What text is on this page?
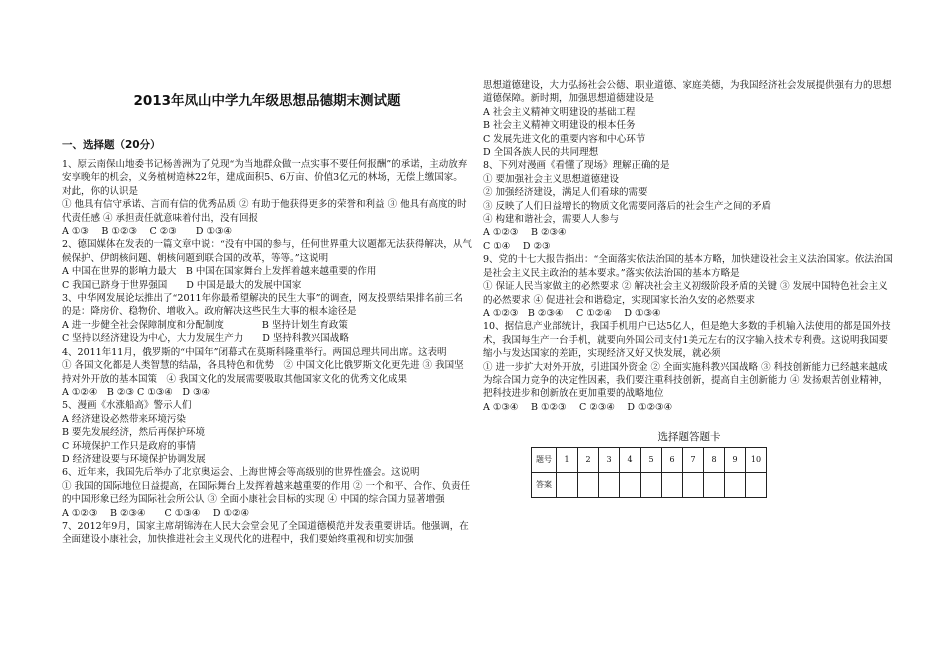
2013年凤山中学九年级思想品德期末测试题
一、选择题（20分）
1、原云南保山地委书记杨善洲为了兑现“为当地群众做一点实事不要任何报酬”的承诺，主动放弃安享晚年的机会，义务植树造林22年，建成面积5、6万亩、价值3亿元的林场，无偿上缴国家。对此，你的认识是
① 他具有信守承诺、言而有信的优秀品质 ② 有助于他获得更多的荣誉和利益 ③ 他具有高度的时代责任感 ④ 承担责任就意味着付出，没有回报
A ①③　 B ①②③　 C ②③　　D ①③④
2、德国媒体在发表的一篇文章中说：“没有中国的参与，任何世界重大议题都无法获得解决，从气候保护、伊朗核问题、朝核问题到联合国的改革，等等。”这说明
A 中国在世界的影响力最大　B 中国在国家舞台上发挥着越来越重要的作用
C 我国已跻身于世界强国　　D 中国是最大的发展中国家
3、中华网发展论坛推出了“2011年你最希望解决的民生大事”的调查，网友投票结果排名前三名的是：降房价、稳物价、增收入。政府解决这些民生大事的根本途径是
A 进一步健全社会保障制度和分配制度　　　　B 坚持计划生育政策
C 坚持以经济建设为中心，大力发展生产力　　D 坚持科教兴国战略
4、2011年11月，俄罗斯的“中国年”闭幕式在莫斯科隆重举行。两国总理共同出席。这表明
① 各国文化都是人类智慧的结晶，各具特色和优势　② 中国文化比俄罗斯文化更先进 ③ 我国坚持对外开放的基本国策　④ 我国文化的发展需要吸取其他国家文化的优秀文化成果
A ①②④　B ②③ C ①③④　D ③④
5、漫画《水涨船高》警示人们
A 经济建设必然带来环境污染
B 要先发展经济，然后再保护环境
C 环境保护工作只是政府的事情
D 经济建设要与环境保护协调发展
6、近年来，我国先后举办了北京奥运会、上海世博会等高级别的世界性盛会。这说明
① 我国的国际地位日益提高，在国际舞台上发挥着越来越重要的作用 ② 一个和平、合作、负责任的中国形象已经为国际社会所公认 ③ 全面小康社会目标的实现 ④ 中国的综合国力显著增强
A ①②③　 B ②③④　　C ①③④　 D ①②④
7、2012年9月，国家主席胡锦涛在人民大会堂会见了全国道德模范并发表重要讲话。他强调，在全面建设小康社会，加快推进社会主义现代化的进程中，我们要始终重视和切实加强
思想道德建设，大力弘扬社会公德、职业道德、家庭美德，为我国经济社会发展提供强有力的思想道德保障。新时期，加强思想道德建设是
A 社会主义精神文明建设的基础工程
B 社会主义精神文明建设的根本任务
C 发展先进文化的重要内容和中心环节
D 全国各族人民的共同理想
8、下列对漫画《看懂了现场》理解正确的是
① 要加强社会主义思想道德建设
② 加强经济建设，满足人们看球的需要
③ 反映了人们日益增长的物质文化需要同落后的社会生产之间的矛盾
④ 构建和谐社会，需要人人参与
A ①②③　 B ②③④
C ①④　 D ②③
9、党的十七大报告指出：“全面落实依法治国的基本方略，加快建设社会主义法治国家。依法治国是社会主义民主政治的基本要求。”落实依法治国的基本方略是
① 保证人民当家做主的必然要求 ② 解决社会主义初级阶段矛盾的关键 ③ 发展中国特色社会主义的必然要求 ④ 促进社会和谐稳定，实现国家长治久安的必然要求
A ①②③　B ②③④　 C ①②④　 D ①③④
10、据信息产业部统计，我国手机用户已达5亿人，但是绝大多数的手机输入法使用的都是国外技术，我国每生产一台手机，就要向外国公司支付1美元左右的汉字输入技术专利费。这说明我国要缩小与发达国家的差距，实现经济又好又快发展，就必须
① 进一步扩大对外开放，引进国外资金 ② 全面实施科教兴国战略 ③ 科技创新能力已经越来越成为综合国力竞争的决定性因素，我们要注重科技创新，提高自主创新能力 ④ 发扬艰苦创业精神，把科技进步和创新放在更加重要的战略地位
A ①③④　 B ①②③　 C ②③④　 D ①②③④
选择题答题卡
题号	1	2	3	4	5	6	7	8	9	10
答案										
